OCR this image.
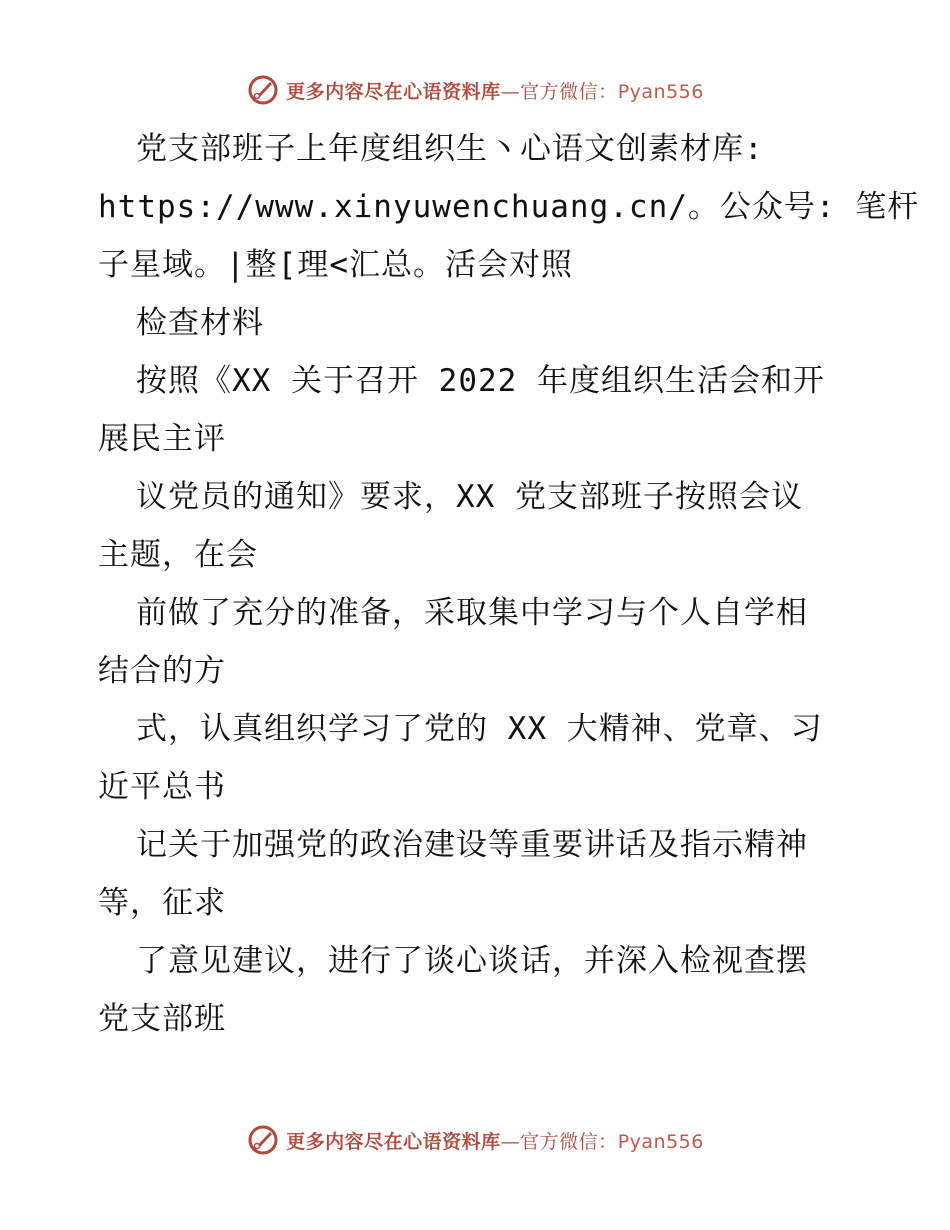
更多内容尽在心语资料库—官方微信：Pyan556
党支部班子上年度组织生丶心语文创素材库:
https://www.xinyuwenchuang.cn/。公众号: 笔杆
子星域。|整[理<汇总。活会对照
检查材料
按照《XX 关于召开 2022 年度组织生活会和开
展民主评
议党员的通知》要求，XX 党支部班子按照会议
主题，在会
前做了充分的准备，采取集中学习与个人自学相
结合的方
式，认真组织学习了党的 XX 大精神、党章、习
近平总书
记关于加强党的政治建设等重要讲话及指示精神
等，征求
了意见建议，进行了谈心谈话，并深入检视查摆
党支部班
更多内容尽在心语资料库—官方微信：Pyan556
